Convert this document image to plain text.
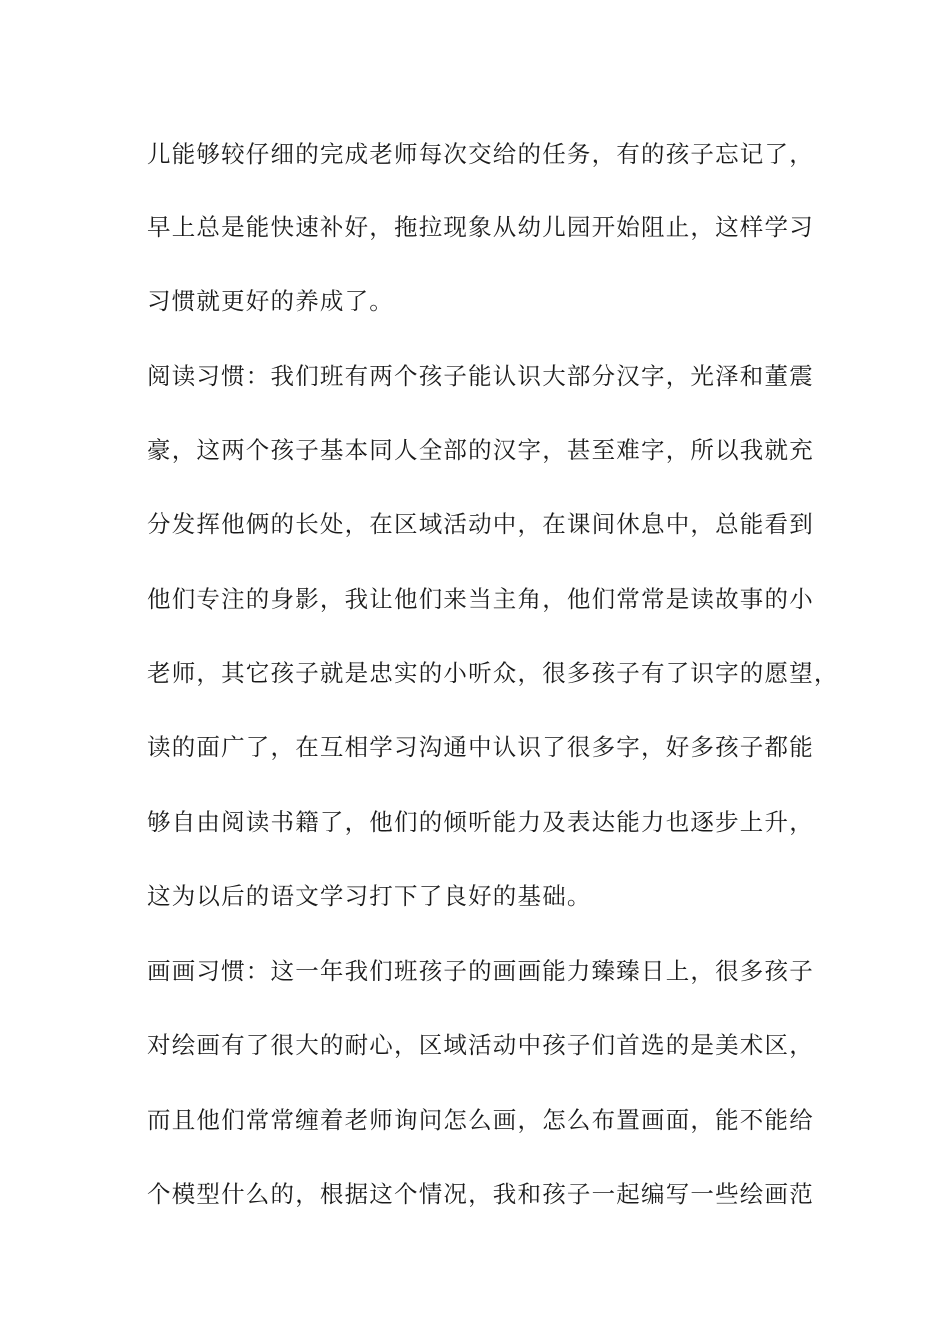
儿能够较仔细的完成老师每次交给的任务，有的孩子忘记了，
早上总是能快速补好，拖拉现象从幼儿园开始阻止，这样学习
习惯就更好的养成了。
阅读习惯：我们班有两个孩子能认识大部分汉字，光泽和董震
豪，这两个孩子基本同人全部的汉字，甚至难字，所以我就充
分发挥他俩的长处，在区域活动中，在课间休息中，总能看到
他们专注的身影，我让他们来当主角，他们常常是读故事的小
老师，其它孩子就是忠实的小听众，很多孩子有了识字的愿望，
读的面广了，在互相学习沟通中认识了很多字，好多孩子都能
够自由阅读书籍了，他们的倾听能力及表达能力也逐步上升，
这为以后的语文学习打下了良好的基础。
画画习惯：这一年我们班孩子的画画能力臻臻日上，很多孩子
对绘画有了很大的耐心，区域活动中孩子们首选的是美术区，
而且他们常常缠着老师询问怎么画，怎么布置画面，能不能给
个模型什么的，根据这个情况，我和孩子一起编写一些绘画范
